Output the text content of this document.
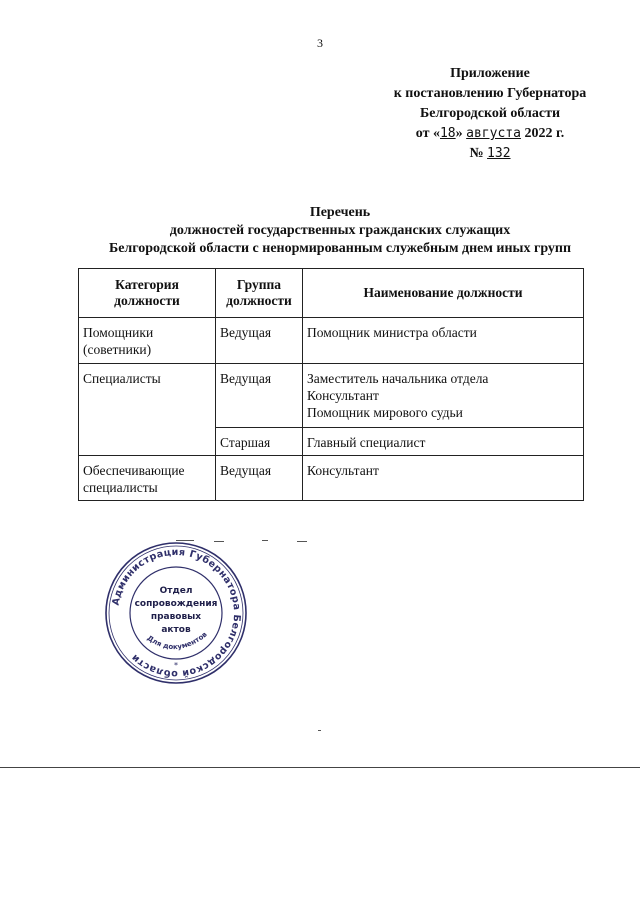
3
Приложение
к постановлению Губернатора
Белгородской области
от «18» августа 2022 г.
№ 132
Перечень
должностей государственных гражданских служащих
Белгородской области с ненормированным служебным днем иных групп
Категория должности	Группа должности	Наименование должности
Помощники (советники)	Ведущая	Помощник министра области

Специалисты	Ведущая	Заместитель начальника отдела
Консультант
Помощник мирового судьи

	Старшая	Главный специалист

Обеспечивающие специалисты	Ведущая	Консультант
Администрация Губернатора Белгородской области
Отдел сопровождения правовых актов
Для документов
*
